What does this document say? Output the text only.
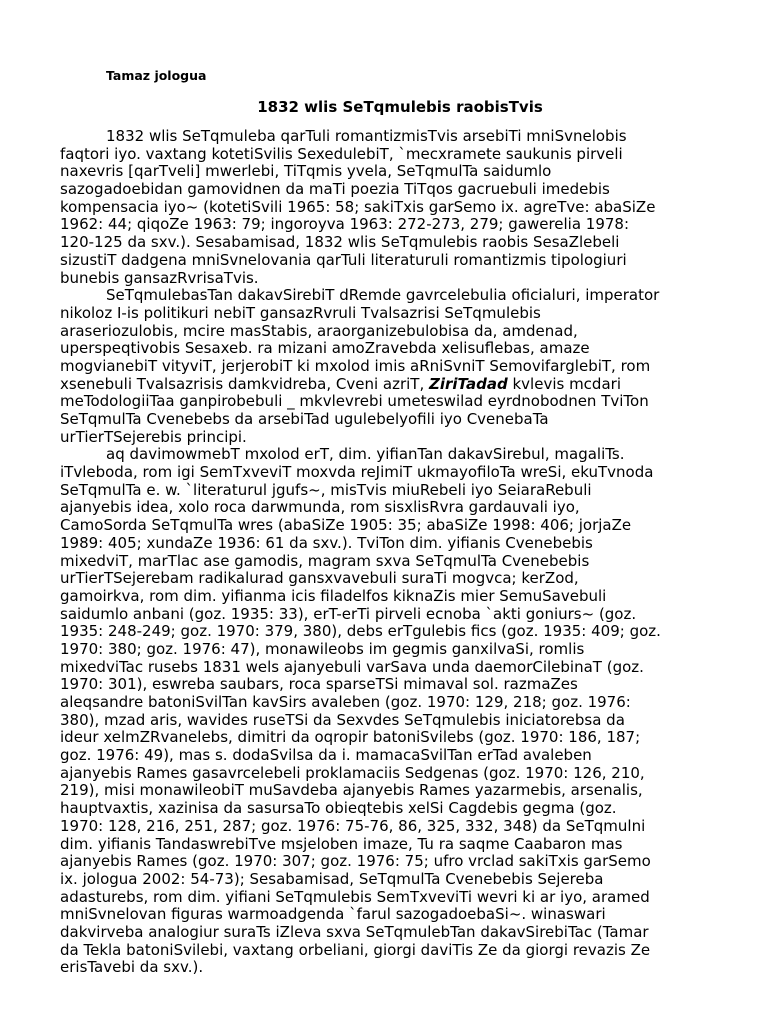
Tamaz jologua
1832 wlis SeTqmulebis raobisTvis
1832 wlis SeTqmuleba qarTuli romantizmisTvis arsebiTi mniSvnelobis
faqtori iyo. vaxtang kotetiSvilis SexedulebiT, `mecxramete saukunis pirveli
naxevris [qarTveli] mwerlebi, TiTqmis yvela, SeTqmulTa saidumlo
sazogadoebidan gamovidnen da maTi poezia TiTqos gacruebuli imedebis
kompensacia iyo~ (kotetiSvili 1965: 58; sakiTxis garSemo ix. agreTve: abaSiZe
1962: 44; qiqoZe 1963: 79; ingoroyva 1963: 272-273, 279; gawerelia 1978:
120-125 da sxv.). Sesabamisad, 1832 wlis SeTqmulebis raobis SesaZlebeli
sizustiT dadgena mniSvnelovania qarTuli literaturuli romantizmis tipologiuri
bunebis gansazRvrisaTvis.
SeTqmulebasTan dakavSirebiT dRemde gavrcelebulia oficialuri, imperator
nikoloz I-is politikuri nebiT gansazRvruli Tvalsazrisi SeTqmulebis
araseriozulobis, mcire masStabis, araorganizebulobisa da, amdenad,
uperspeqtivobis Sesaxeb. ra mizani amoZravebda xelisuflebas, amaze
mogvianebiT vityviT, jerjerobiT ki mxolod imis aRniSvniT SemovifarglebiT, rom
xsenebuli Tvalsazrisis damkvidreba, Cveni azriT, ZiriTadad kvlevis mcdari
meTodologiiTaa ganpirobebuli _ mkvlevrebi umeteswilad eyrdnobodnen TviTon
SeTqmulTa Cvenebebs da arsebiTad ugulebelyofili iyo CvenebaTa
urTierTSejerebis principi.
aq davimowmebT mxolod erT, dim. yifianTan dakavSirebul, magaliTs.
iTvleboda, rom igi SemTxveviT moxvda reJimiT ukmayofiloTa wreSi, ekuTvnoda
SeTqmulTa e. w. `literaturul jgufs~, misTvis miuRebeli iyo SeiaraRebuli
ajanyebis idea, xolo roca darwmunda, rom sisxlisRvra gardauvali iyo,
CamoSorda SeTqmulTa wres (abaSiZe 1905: 35; abaSiZe 1998: 406; jorjaZe
1989: 405; xundaZe 1936: 61 da sxv.). TviTon dim. yifianis Cvenebebis
mixedviT, marTlac ase gamodis, magram sxva SeTqmulTa Cvenebebis
urTierTSejerebam radikalurad gansxvavebuli suraTi mogvca; kerZod,
gamoirkva, rom dim. yifianma icis filadelfos kiknaZis mier SemuSavebuli
saidumlo anbani (goz. 1935: 33), erT-erTi pirveli ecnoba `akti goniurs~ (goz.
1935: 248-249; goz. 1970: 379, 380), debs erTgulebis fics (goz. 1935: 409; goz.
1970: 380; goz. 1976: 47), monawileobs im gegmis ganxilvaSi, romlis
mixedviTac rusebs 1831 wels ajanyebuli varSava unda daemorCilebinaT (goz.
1970: 301), eswreba saubars, roca sparseTSi mimaval sol. razmaZes
aleqsandre batoniSvilTan kavSirs avaleben (goz. 1970: 129, 218; goz. 1976:
380), mzad aris, wavides ruseTSi da Sexvdes SeTqmulebis iniciatorebsa da
ideur xelmZRvanelebs, dimitri da oqropir batoniSvilebs (goz. 1970: 186, 187;
goz. 1976: 49), mas s. dodaSvilsa da i. mamacaSvilTan erTad avaleben
ajanyebis Rames gasavrcelebeli proklamaciis Sedgenas (goz. 1970: 126, 210,
219), misi monawileobiT muSavdeba ajanyebis Rames yazarmebis, arsenalis,
hauptvaxtis, xazinisa da sasursaTo obieqtebis xelSi Cagdebis gegma (goz.
1970: 128, 216, 251, 287; goz. 1976: 75-76, 86, 325, 332, 348) da SeTqmulni
dim. yifianis TandaswrebiTve msjeloben imaze, Tu ra saqme Caabaron mas
ajanyebis Rames (goz. 1970: 307; goz. 1976: 75; ufro vrclad sakiTxis garSemo
ix. jologua 2002: 54-73); Sesabamisad, SeTqmulTa Cvenebebis Sejereba
adasturebs, rom dim. yifiani SeTqmulebis SemTxveviTi wevri ki ar iyo, aramed
mniSvnelovan figuras warmoadgenda `farul sazogadoebaSi~. winaswari
dakvirveba analogiur suraTs iZleva sxva SeTqmulebTan dakavSirebiTac (Tamar
da Tekla batoniSvilebi, vaxtang orbeliani, giorgi daviTis Ze da giorgi revazis Ze
erisTavebi da sxv.).
